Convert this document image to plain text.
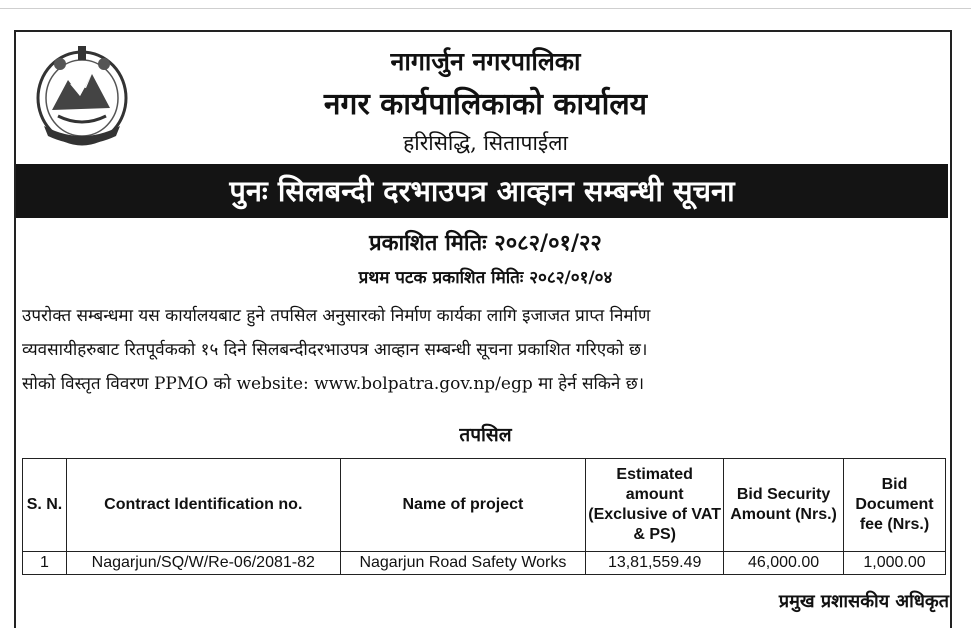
नागार्जुन नगरपालिका
नगर कार्यपालिकाको कार्यालय
हरिसिद्धि, सितापाईला
पुनः सिलबन्दी दरभाउपत्र आव्हान सम्बन्धी सूचना
प्रकाशित मितिः २०८२/०१/२२
प्रथम पटक प्रकाशित मितिः २०८२/०१/०४
उपरोक्त सम्बन्धमा यस कार्यालयबाट हुने तपसिल अनुसारको निर्माण कार्यका लागि इजाजत प्राप्त निर्माण
व्यवसायीहरुबाट रितपूर्वकको १५ दिने सिलबन्दीदरभाउपत्र आव्हान सम्बन्धी सूचना प्रकाशित गरिएको छ।
सोको विस्तृत विवरण PPMO को website: www.bolpatra.gov.np/egp मा हेर्न सकिने छ।
तपसिल
S. N.	Contract Identification no.	Name of project	Estimated amount (Exclusive of VAT & PS)	Bid Security Amount (Nrs.)	Bid Document fee (Nrs.)
1	Nagarjun/SQ/W/Re-06/2081-82	Nagarjun Road Safety Works	13,81,559.49	46,000.00	1,000.00
प्रमुख प्रशासकीय अधिकृत
